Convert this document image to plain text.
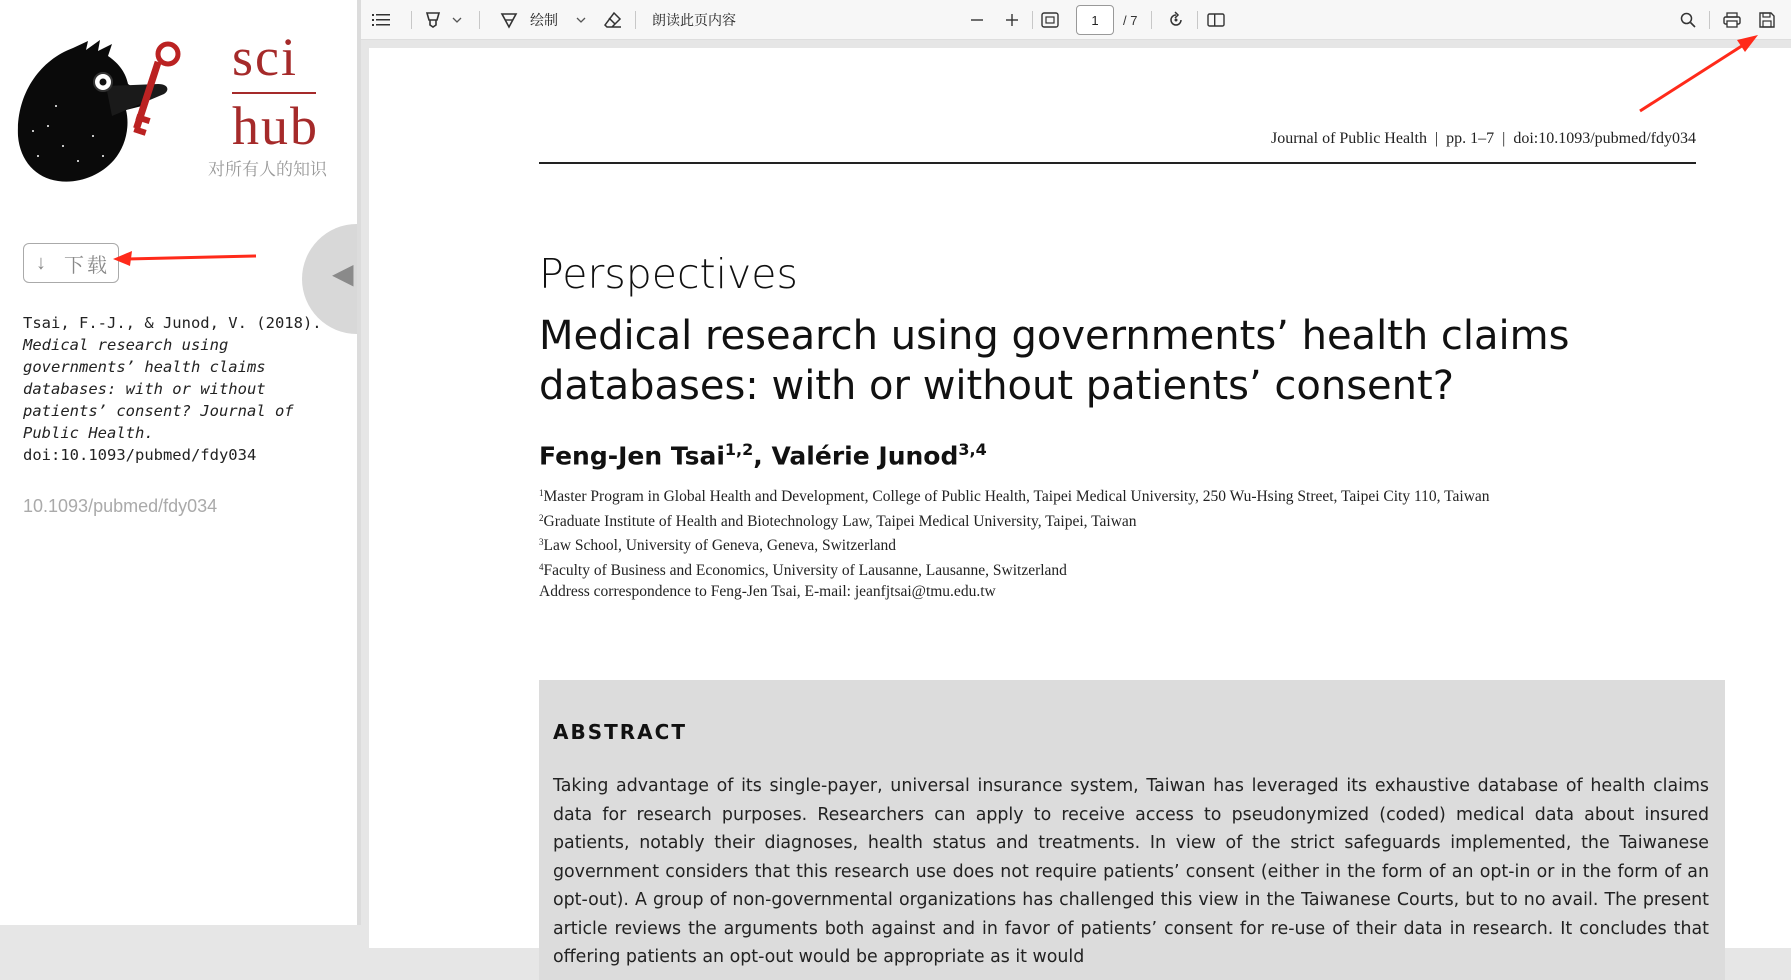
sci
hub
对所有人的知识
↓ 下载	◀
Tsai, F.-J., & Junod, V. (2018). Medical research using governments’ health claims databases: with or without patients’ consent? Journal of Public Health. doi:10.1093/pubmed/fdy034
10.1093/pubmed/fdy034
绘制	朗读此页内容	1	/ 7
Journal of Public Health  |  pp. 1–7  |  doi:10.1093/pubmed/fdy034
Perspectives
Medical research using governments’ health claims databases: with or without patients’ consent?
Feng-Jen Tsai$^{1,2}$, Valérie Junod$^{3,4}$
$^1$Master Program in Global Health and Development, College of Public Health, Taipei Medical University, 250 Wu-Hsing Street, Taipei City 110, Taiwan
$^2$Graduate Institute of Health and Biotechnology Law, Taipei Medical University, Taipei, Taiwan
$^3$Law School, University of Geneva, Geneva, Switzerland
$^4$Faculty of Business and Economics, University of Lausanne, Lausanne, Switzerland
Address correspondence to Feng-Jen Tsai, E-mail: jeanfjtsai@tmu.edu.tw
ABSTRACT
Taking advantage of its single-payer, universal insurance system, Taiwan has leveraged its exhaustive database of health claims data for research purposes. Researchers can apply to receive access to pseudonymized (coded) medical data about insured patients, notably their diagnoses, health status and treatments. In view of the strict safeguards implemented, the Taiwanese government considers that this research use does not require patients’ consent (either in the form of an opt-in or in the form of an opt-out). A group of non-governmental organizations has challenged this view in the Taiwanese Courts, but to no avail. The present article reviews the arguments both against and in favor of patients’ consent for re-use of their data in research. It concludes that offering patients an opt-out would be appropriate as it would
